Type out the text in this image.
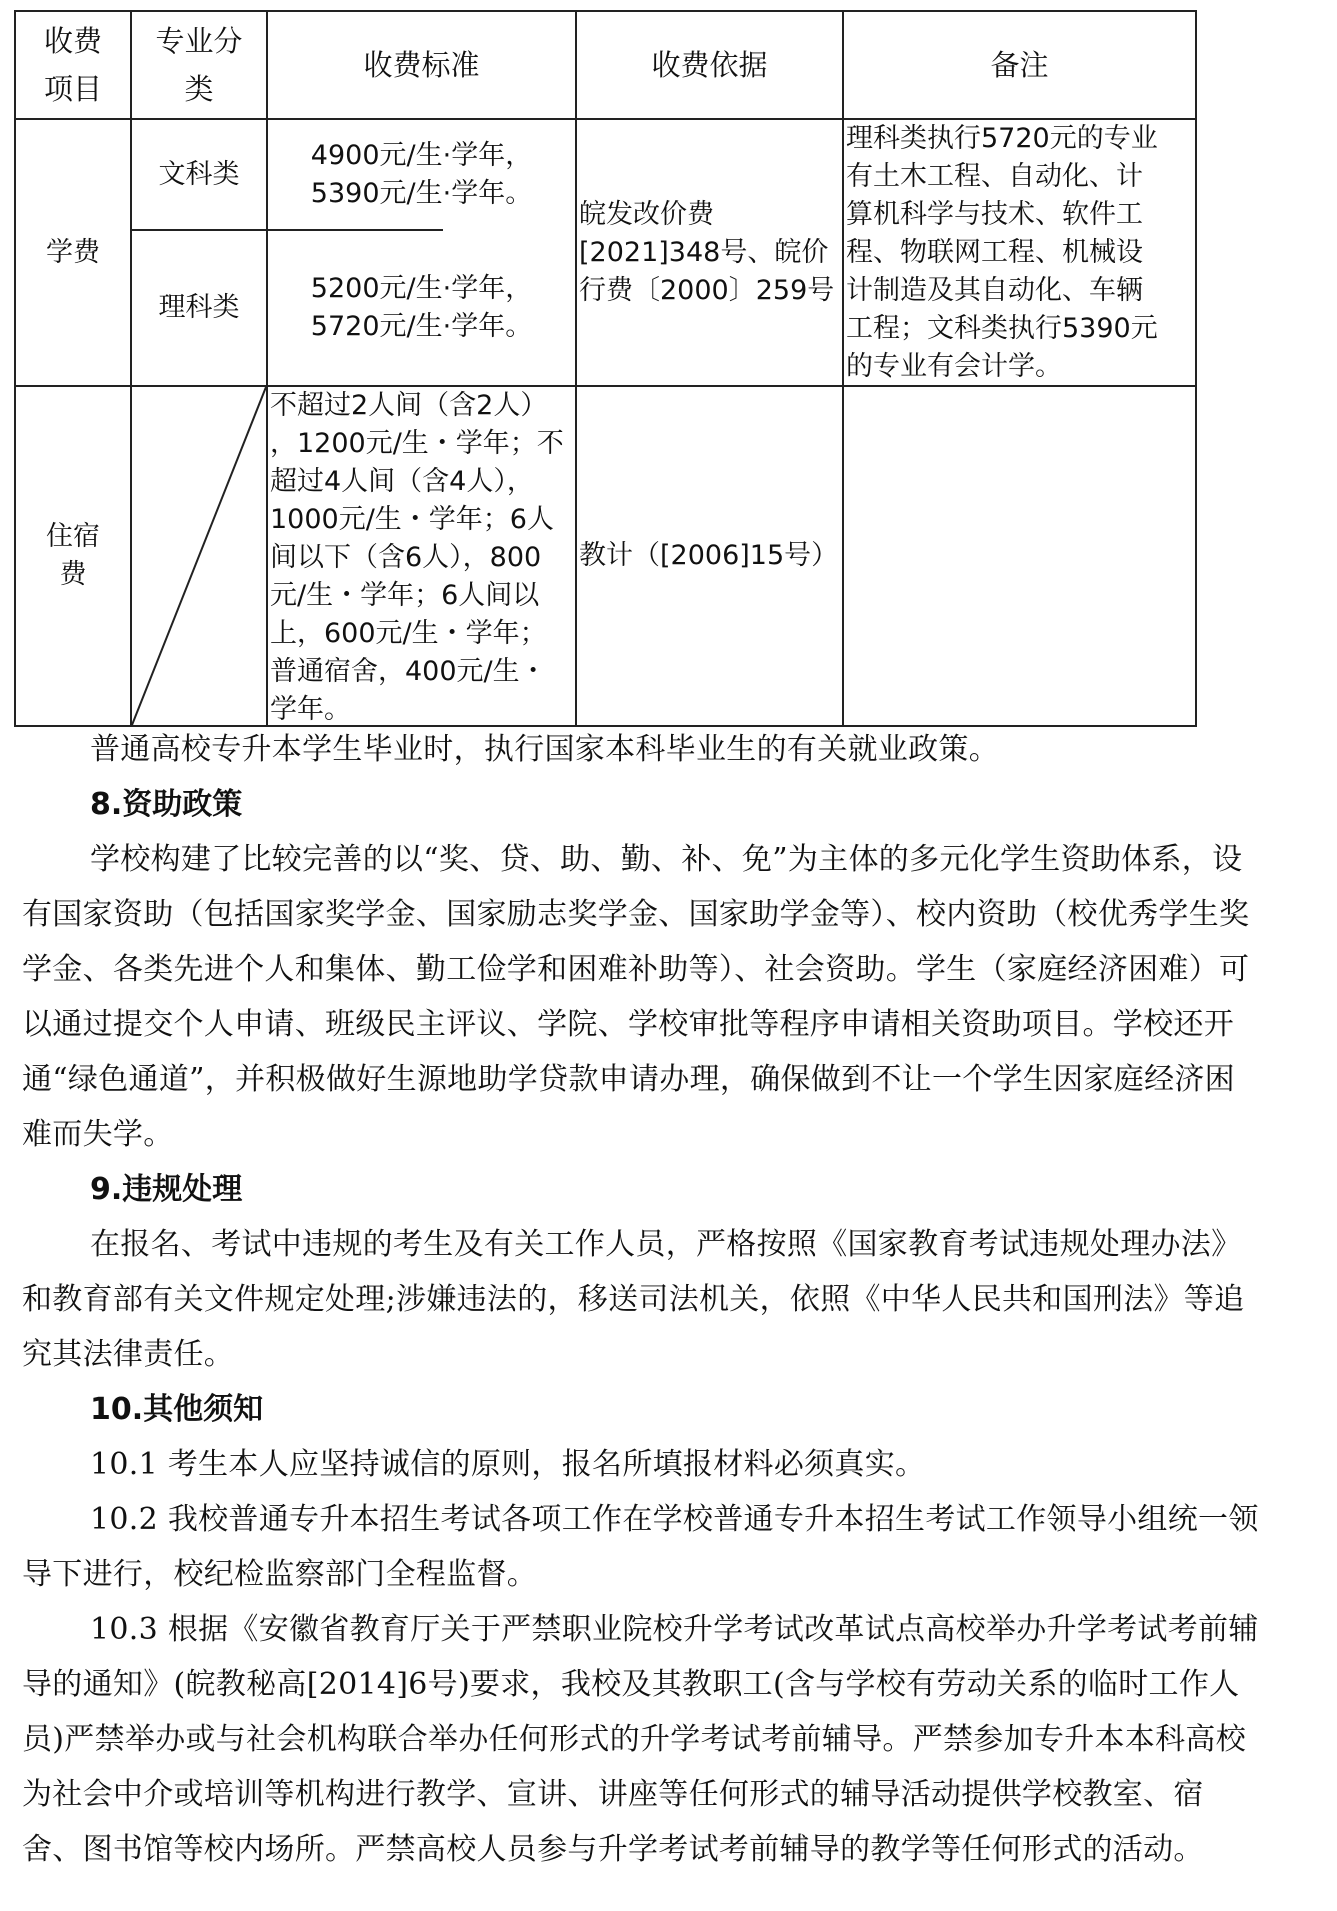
收费
项目
专业分
类
收费标准	收费依据	备注
学费
文科类
4900元/生·学年，
5390元/生·学年。
理科类
5200元/生·学年，
5720元/生·学年。
皖发改价费
[2021]348号、皖价
行费〔2000〕259号
理科类执行5720元的专业
有土木工程、自动化、计
算机科学与技术、软件工
程、物联网工程、机械设
计制造及其自动化、车辆
工程；文科类执行5390元
的专业有会计学。
住宿
费
不超过2人间（含2人）
，1200元/生・学年；不
超过4人间（含4人），
1000元/生・学年；6人
间以下（含6人），800
元/生・学年；6人间以
上，600元/生・学年；
普通宿舍，400元/生・
学年。
教计（[2006]15号）
普通高校专升本学生毕业时，执行国家本科毕业生的有关就业政策。
8.资助政策
学校构建了比较完善的以“奖、贷、助、勤、补、免”为主体的多元化学生资助体系，设有国家资助（包括国家奖学金、国家励志奖学金、国家助学金等）、校内资助（校优秀学生奖学金、各类先进个人和集体、勤工俭学和困难补助等）、社会资助。学生（家庭经济困难）可以通过提交个人申请、班级民主评议、学院、学校审批等程序申请相关资助项目。学校还开通“绿色通道”，并积极做好生源地助学贷款申请办理，确保做到不让一个学生因家庭经济困难而失学。
9.违规处理
在报名、考试中违规的考生及有关工作人员，严格按照《国家教育考试违规处理办法》和教育部有关文件规定处理;涉嫌违法的，移送司法机关，依照《中华人民共和国刑法》等追究其法律责任。
10.其他须知
10.1 考生本人应坚持诚信的原则，报名所填报材料必须真实。
10.2 我校普通专升本招生考试各项工作在学校普通专升本招生考试工作领导小组统一领导下进行，校纪检监察部门全程监督。
10.3 根据《安徽省教育厅关于严禁职业院校升学考试改革试点高校举办升学考试考前辅导的通知》(皖教秘高[2014]6号)要求，我校及其教职工(含与学校有劳动关系的临时工作人员)严禁举办或与社会机构联合举办任何形式的升学考试考前辅导。严禁参加专升本本科高校为社会中介或培训等机构进行教学、宣讲、讲座等任何形式的辅导活动提供学校教室、宿舍、图书馆等校内场所。严禁高校人员参与升学考试考前辅导的教学等任何形式的活动。
